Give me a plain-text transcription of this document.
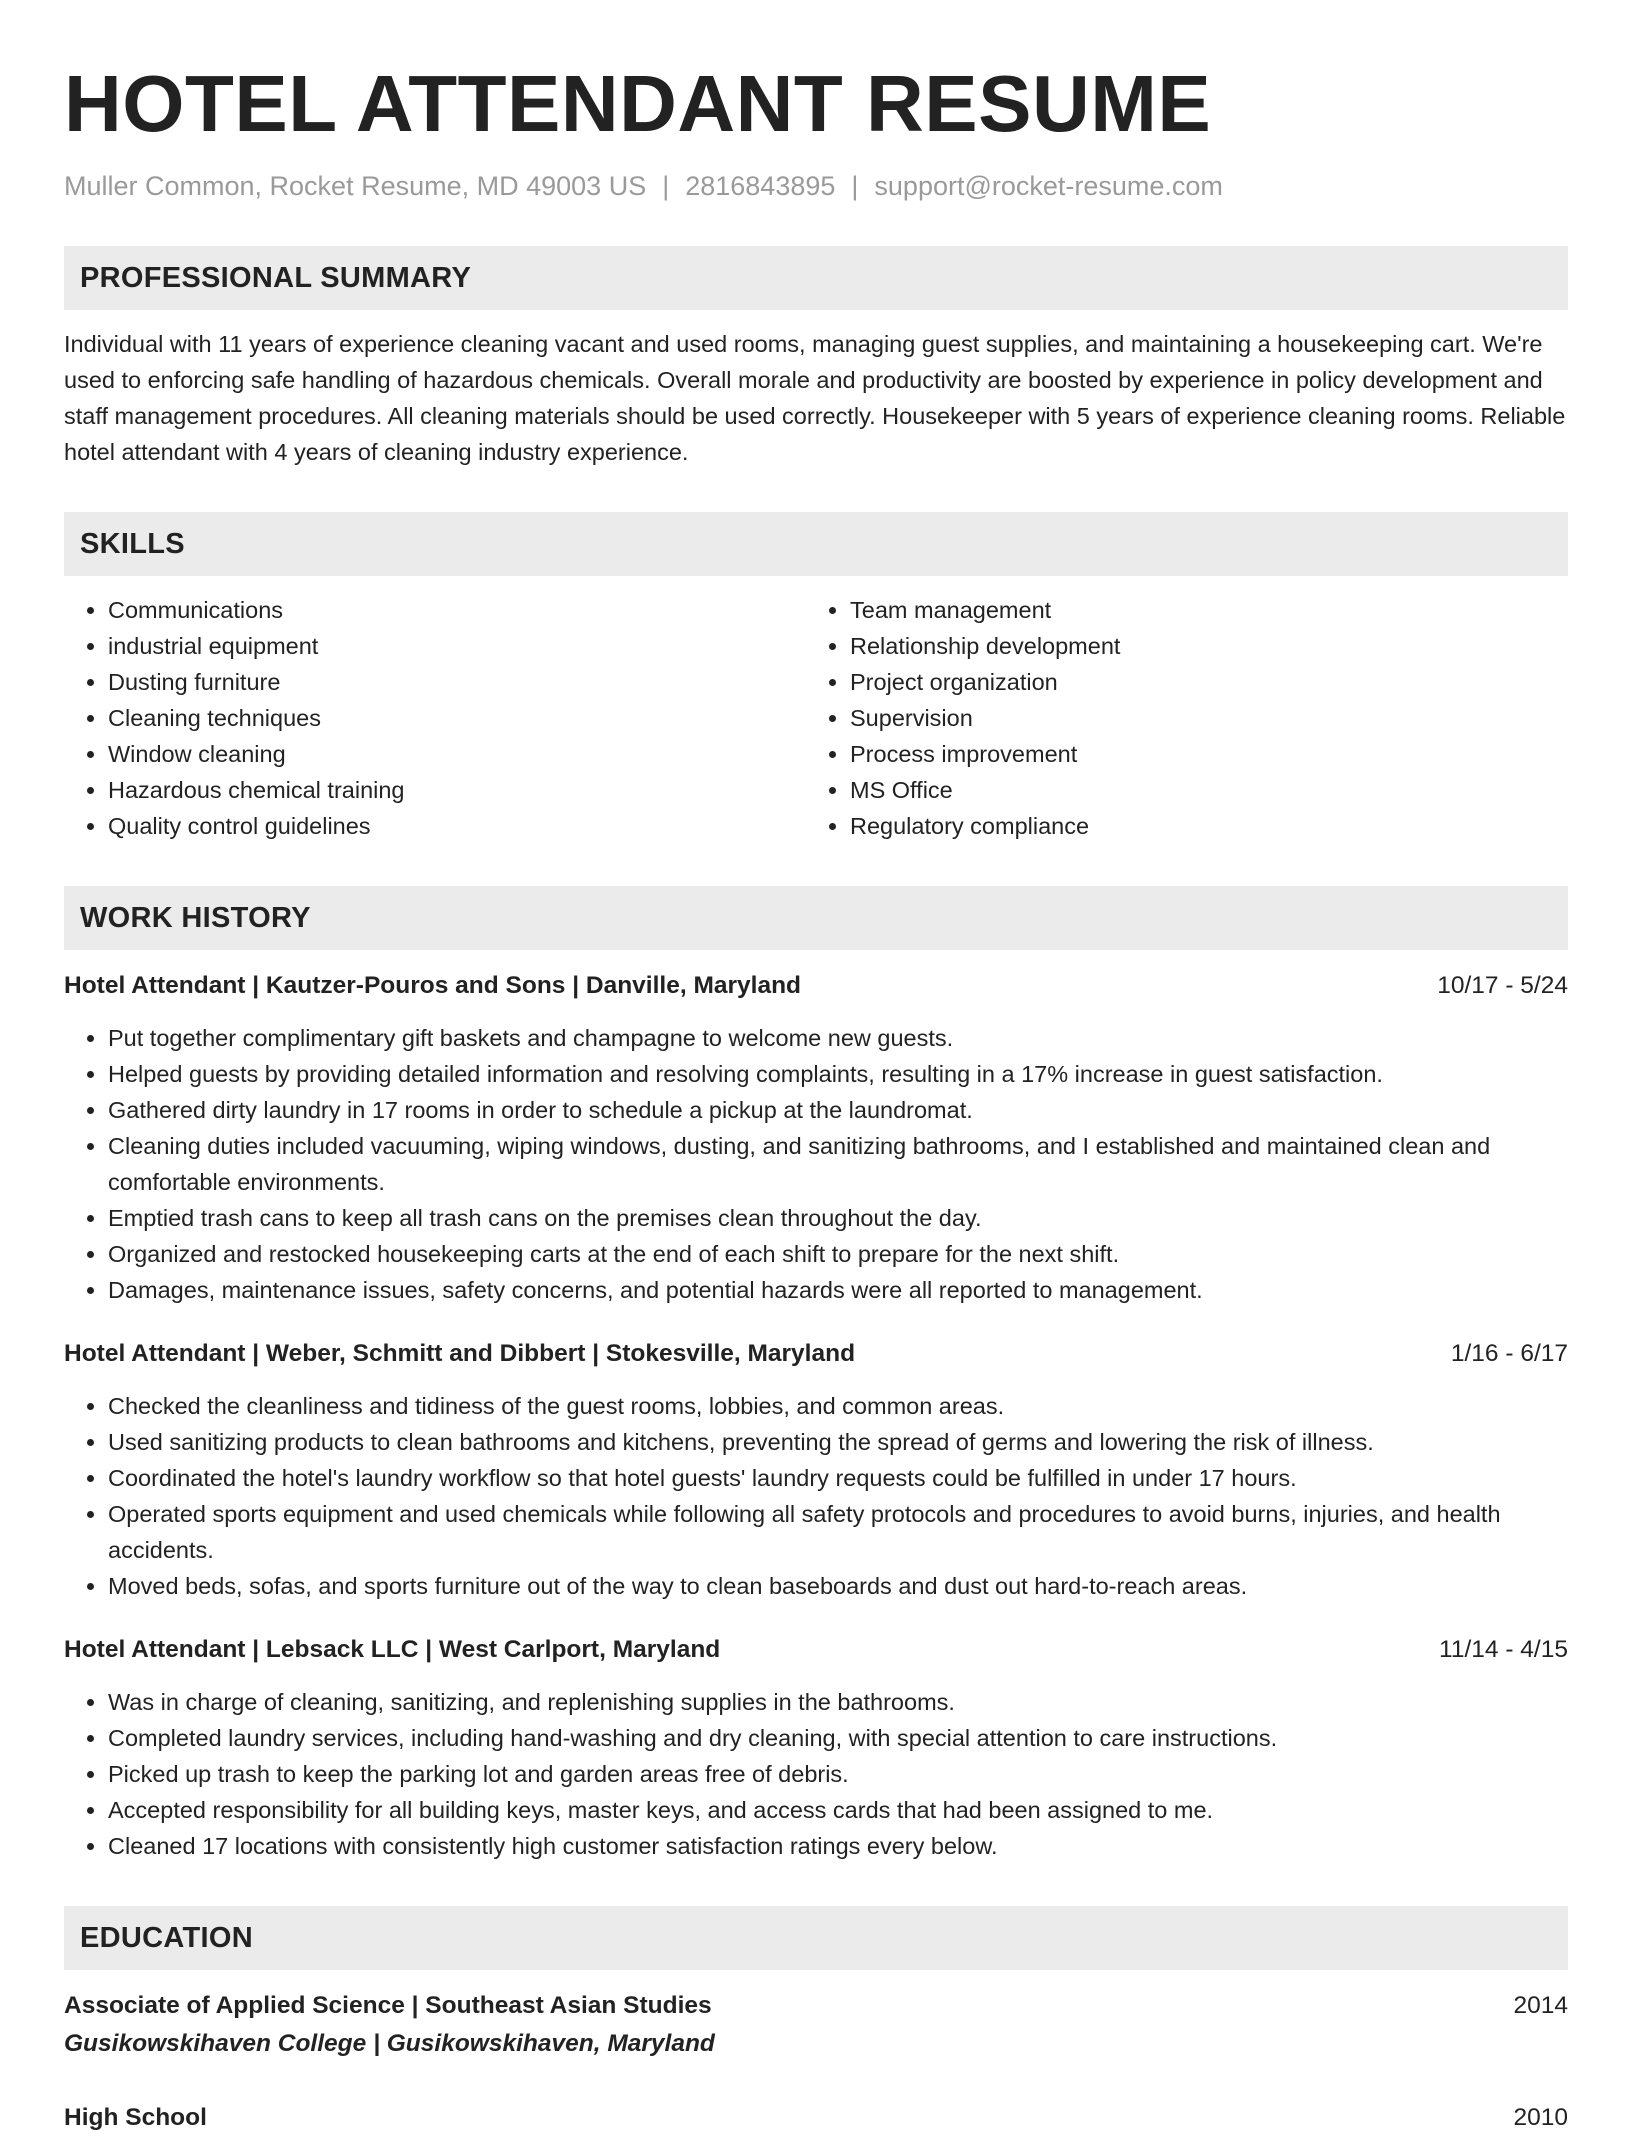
HOTEL ATTENDANT RESUME
Muller Common, Rocket Resume, MD 49003 US | 2816843895 | support@rocket-resume.com
PROFESSIONAL SUMMARY

Individual with 11 years of experience cleaning vacant and used rooms, managing guest supplies, and maintaining a housekeeping cart. We're used to enforcing safe handling of hazardous chemicals. Overall morale and productivity are boosted by experience in policy development and staff management procedures. All cleaning materials should be used correctly. Housekeeper with 5 years of experience cleaning rooms. Reliable hotel attendant with 4 years of cleaning industry experience.

SKILLS
• Communications
• industrial equipment
• Dusting furniture
• Cleaning techniques
• Window cleaning
• Hazardous chemical training
• Quality control guidelines
• Team management
• Relationship development
• Project organization
• Supervision
• Process improvement
• MS Office
• Regulatory compliance
WORK HISTORY
Hotel Attendant | Kautzer-Pouros and Sons | Danville, Maryland	10/17 - 5/24
• Put together complimentary gift baskets and champagne to welcome new guests.
• Helped guests by providing detailed information and resolving complaints, resulting in a 17% increase in guest satisfaction.
• Gathered dirty laundry in 17 rooms in order to schedule a pickup at the laundromat.
• Cleaning duties included vacuuming, wiping windows, dusting, and sanitizing bathrooms, and I established and maintained clean and comfortable environments.
• Emptied trash cans to keep all trash cans on the premises clean throughout the day.
• Organized and restocked housekeeping carts at the end of each shift to prepare for the next shift.
• Damages, maintenance issues, safety concerns, and potential hazards were all reported to management.
Hotel Attendant | Weber, Schmitt and Dibbert | Stokesville, Maryland	1/16 - 6/17
• Checked the cleanliness and tidiness of the guest rooms, lobbies, and common areas.
• Used sanitizing products to clean bathrooms and kitchens, preventing the spread of germs and lowering the risk of illness.
• Coordinated the hotel's laundry workflow so that hotel guests' laundry requests could be fulfilled in under 17 hours.
• Operated sports equipment and used chemicals while following all safety protocols and procedures to avoid burns, injuries, and health accidents.
• Moved beds, sofas, and sports furniture out of the way to clean baseboards and dust out hard-to-reach areas.
Hotel Attendant | Lebsack LLC | West Carlport, Maryland	11/14 - 4/15
• Was in charge of cleaning, sanitizing, and replenishing supplies in the bathrooms.
• Completed laundry services, including hand-washing and dry cleaning, with special attention to care instructions.
• Picked up trash to keep the parking lot and garden areas free of debris.
• Accepted responsibility for all building keys, master keys, and access cards that had been assigned to me.
• Cleaned 17 locations with consistently high customer satisfaction ratings every below.
EDUCATION
Associate of Applied Science | Southeast Asian Studies	2014
Gusikowskihaven College | Gusikowskihaven, Maryland
High School	2010
